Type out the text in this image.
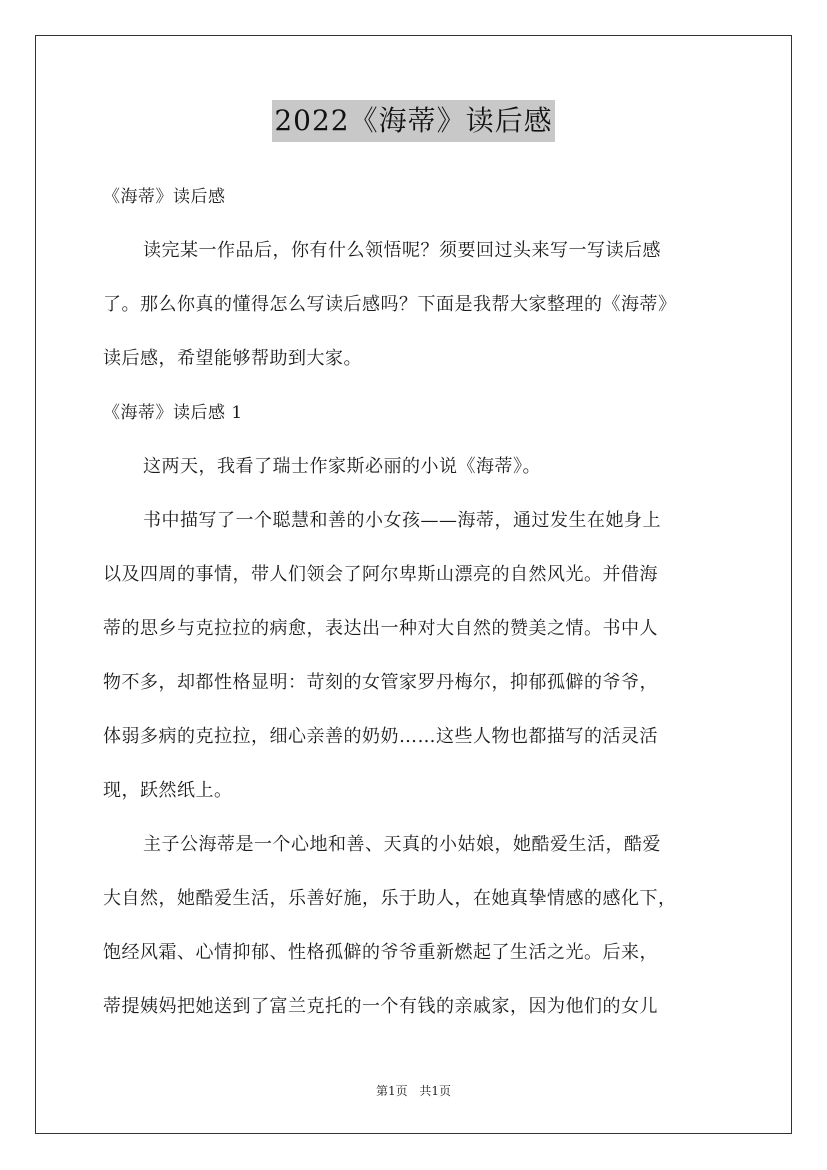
2022《海蒂》读后感
《海蒂》读后感
读完某一作品后，你有什么领悟呢？须要回过头来写一写读后感
了。那么你真的懂得怎么写读后感吗？下面是我帮大家整理的《海蒂》
读后感，希望能够帮助到大家。
《海蒂》读后感 1
这两天，我看了瑞士作家斯必丽的小说《海蒂》。
书中描写了一个聪慧和善的小女孩——海蒂，通过发生在她身上
以及四周的事情，带人们领会了阿尔卑斯山漂亮的自然风光。并借海
蒂的思乡与克拉拉的病愈，表达出一种对大自然的赞美之情。书中人
物不多，却都性格显明：苛刻的女管家罗丹梅尔，抑郁孤僻的爷爷，
体弱多病的克拉拉，细心亲善的奶奶……这些人物也都描写的活灵活
现，跃然纸上。
主子公海蒂是一个心地和善、天真的小姑娘，她酷爱生活，酷爱
大自然，她酷爱生活，乐善好施，乐于助人，在她真挚情感的感化下，
饱经风霜、心情抑郁、性格孤僻的爷爷重新燃起了生活之光。后来，
蒂提姨妈把她送到了富兰克托的一个有钱的亲戚家，因为他们的女儿
第1页 共1页
